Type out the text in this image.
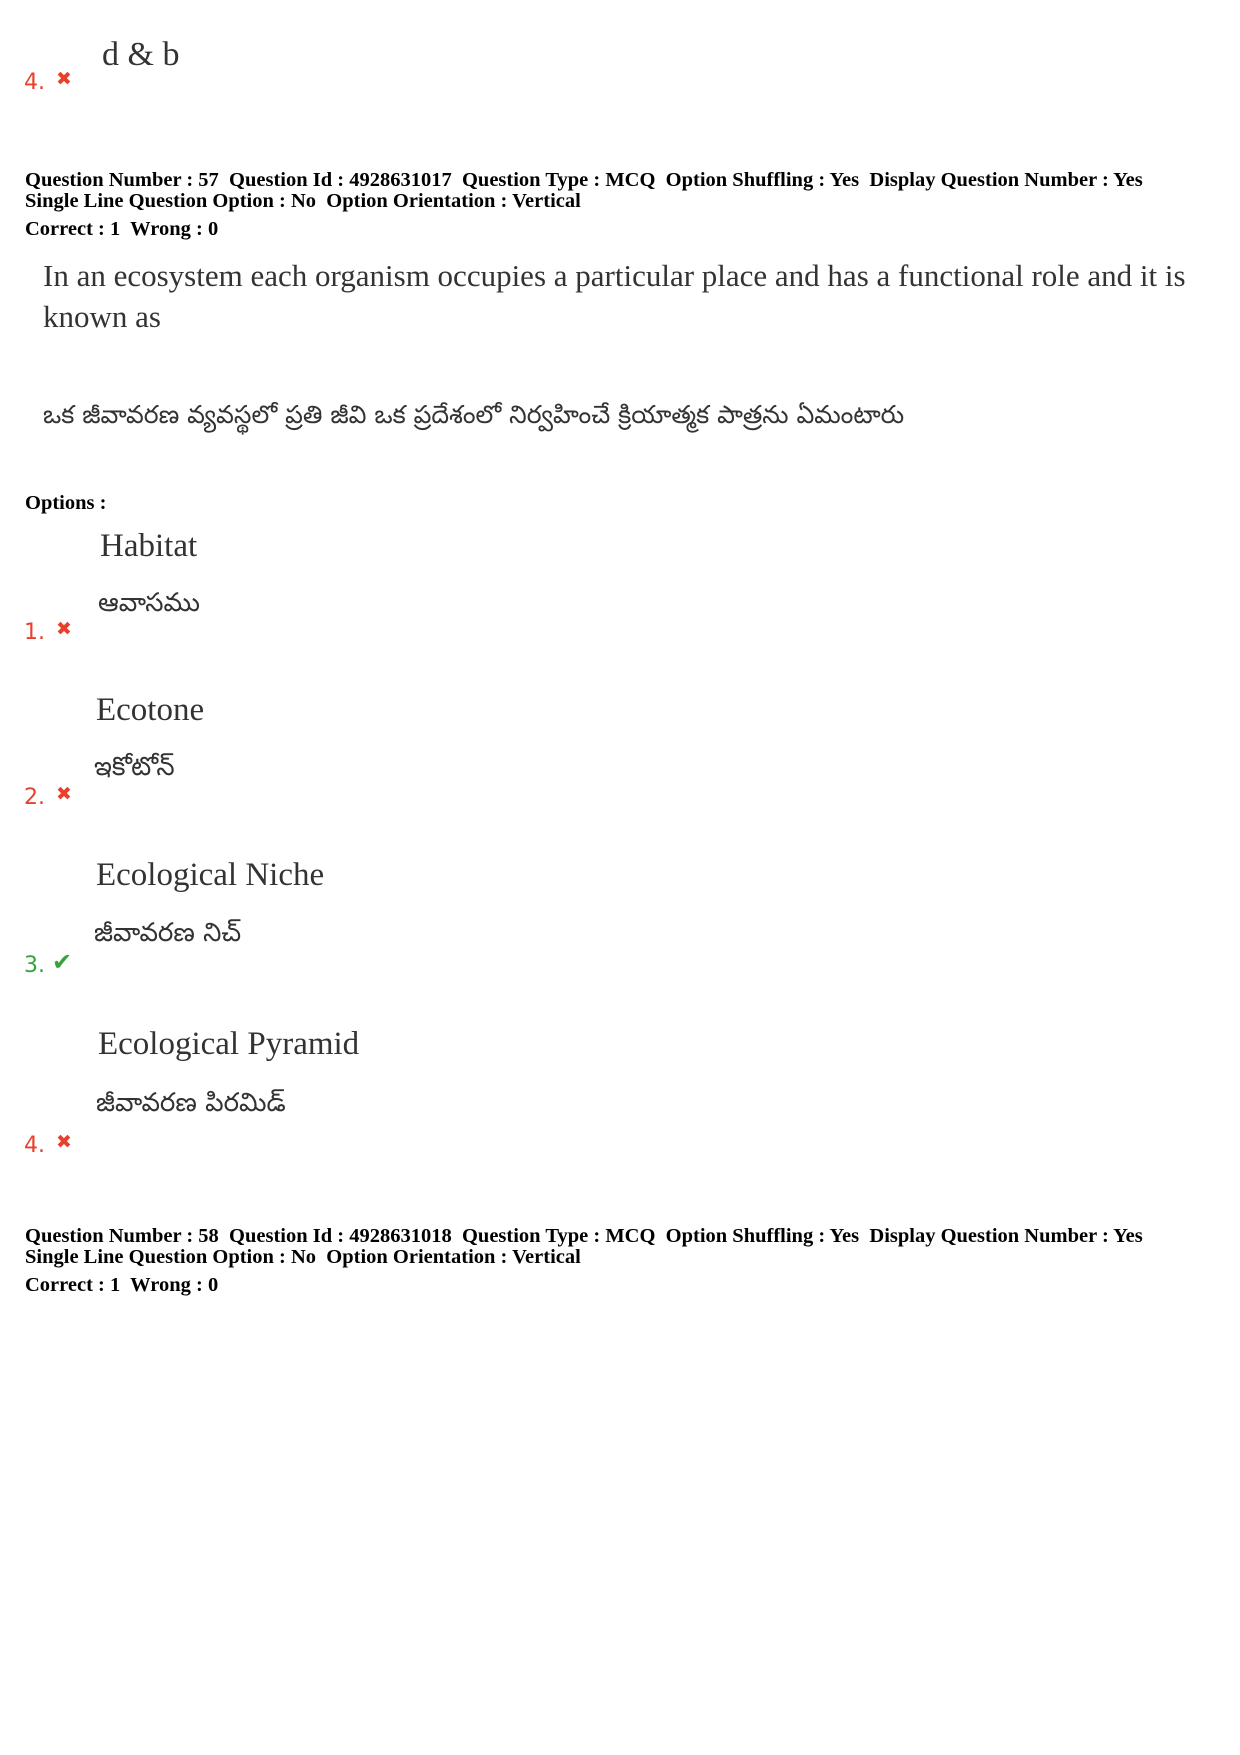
4. ✖
d & b
Question Number : 57  Question Id : 4928631017  Question Type : MCQ  Option Shuffling : Yes  Display Question Number : Yes
Single Line Question Option : No  Option Orientation : Vertical
Correct : 1  Wrong : 0
In an ecosystem each organism occupies a particular place and has a functional role and it is known as
ఒక జీవావరణ వ్యవస్థలో ప్రతి జీవి ఒక ప్రదేశంలో నిర్వహించే క్రియాత్మక పాత్రను ఏమంటారు
Options :
Habitat
ఆవాసము
1. ✖
Ecotone
ఇకోటోన్
2. ✖
Ecological Niche
జీవావరణ నిచ్
3. ✔
Ecological Pyramid
జీవావరణ పిరమిడ్
4. ✖
Question Number : 58  Question Id : 4928631018  Question Type : MCQ  Option Shuffling : Yes  Display Question Number : Yes
Single Line Question Option : No  Option Orientation : Vertical
Correct : 1  Wrong : 0
